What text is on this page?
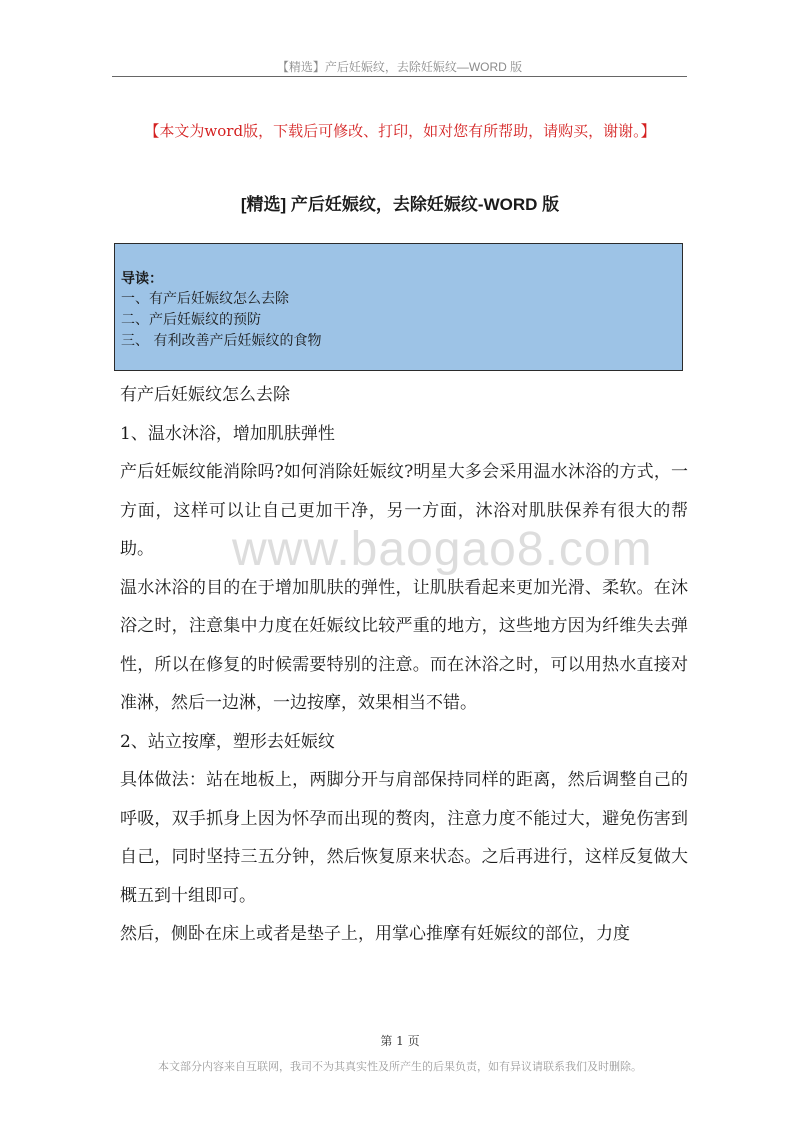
【精选】产后妊娠纹，去除妊娠纹—WORD 版
【本文为word版，下载后可修改、打印，如对您有所帮助，请购买，谢谢。】
[精选] 产后妊娠纹，去除妊娠纹-WORD 版
导读：
一、有产后妊娠纹怎么去除
二、产后妊娠纹的预防
三、 有利改善产后妊娠纹的食物

有产后妊娠纹怎么去除

1、温水沐浴，增加肌肤弹性

产后妊娠纹能消除吗?如何消除妊娠纹?明星大多会采用温水沐浴的方式，一方面，这样可以让自己更加干净，另一方面，沐浴对肌肤保养有很大的帮助。

温水沐浴的目的在于增加肌肤的弹性，让肌肤看起来更加光滑、柔软。在沐浴之时，注意集中力度在妊娠纹比较严重的地方，这些地方因为纤维失去弹性，所以在修复的时候需要特别的注意。而在沐浴之时，可以用热水直接对准淋，然后一边淋，一边按摩，效果相当不错。

2、站立按摩，塑形去妊娠纹

具体做法：站在地板上，两脚分开与肩部保持同样的距离，然后调整自己的呼吸，双手抓身上因为怀孕而出现的赘肉，注意力度不能过大，避免伤害到自己，同时坚持三五分钟，然后恢复原来状态。之后再进行，这样反复做大概五到十组即可。

然后，侧卧在床上或者是垫子上，用掌心推摩有妊娠纹的部位，力度

www.baogao8.com
第 1 页
本文部分内容来自互联网，我司不为其真实性及所产生的后果负责，如有异议请联系我们及时删除。
